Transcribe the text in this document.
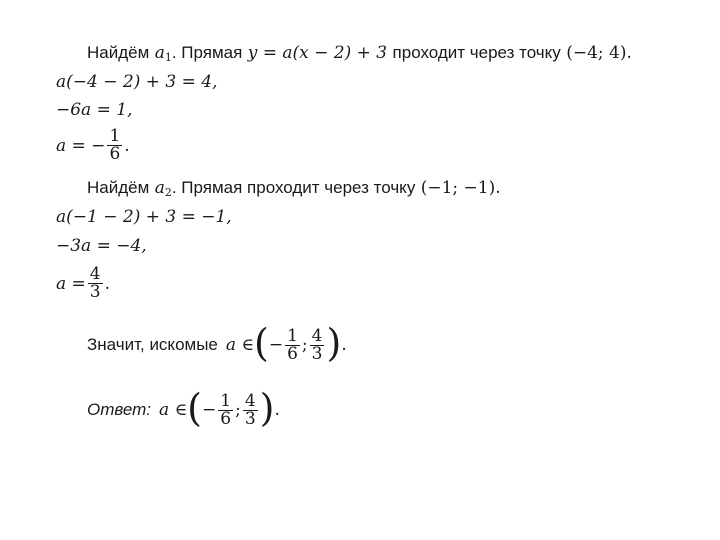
Найдём $a_1$. Прямая y = a(x − 2) + 3 проходит через точку (−4; 4).
a(−4 − 2) + 3 = 4,
−6a = 1,
a = − $\frac{1}{6}$ .
Найдём $a_2$. Прямая проходит через точку (−1; −1).
a(−1 − 2) + 3 = −1,
−3a = −4,
$a = \frac{4}{3}$ .
Значит, искомые a ∈ ( − $\frac{1}{6}$ ; $\frac{4}{3}$ ) .
Ответ: a ∈ ( − $\frac{1}{6}$ ; $\frac{4}{3}$ ) .
